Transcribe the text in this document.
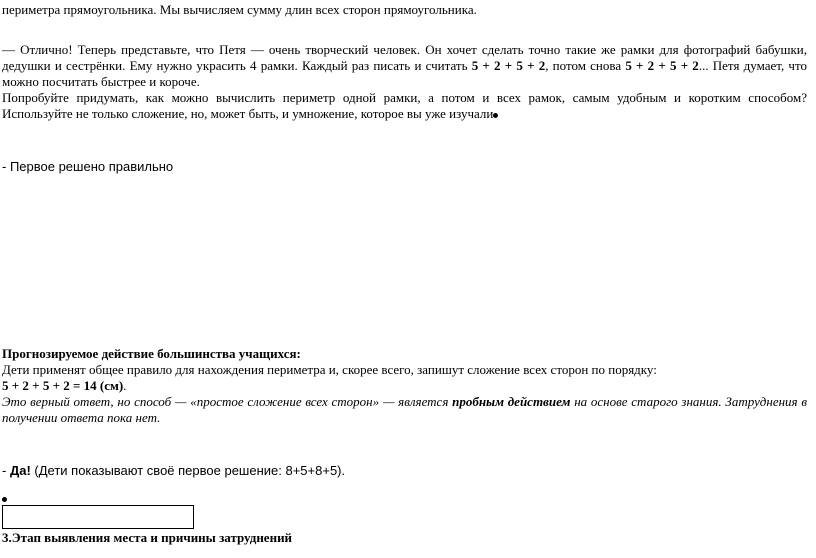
периметра прямоугольника. Мы вычисляем сумму длин всех сторон прямоугольника.

— Отлично! Теперь представьте, что Петя — очень творческий человек. Он хочет сделать точно такие же рамки для фотографий бабушки, дедушки и сестрёнки. Ему нужно украсить 4 рамки. Каждый раз писать и считать 5 + 2 + 5 + 2, потом снова 5 + 2 + 5 + 2... Петя думает, что можно посчитать быстрее и короче.

Попробуйте придумать, как можно вычислить периметр одной рамки, а потом и всех рамок, самым удобным и коротким способом? Используйте не только сложение, но, может быть, и умножение, которое вы уже изучали

- Первое решено правильно

Прогнозируемое действие большинства учащихся:

Дети применят общее правило для нахождения периметра и, скорее всего, запишут сложение всех сторон по порядку:

5 + 2 + 5 + 2 = 14 (см).

Это верный ответ, но способ — «простое сложение всех сторон» — является пробным действием на основе старого знания. Затруднения в получении ответа пока нет.

- Да! (Дети показывают своё первое решение: 8+5+8+5).
3.Этап выявления места и причины затруднений
